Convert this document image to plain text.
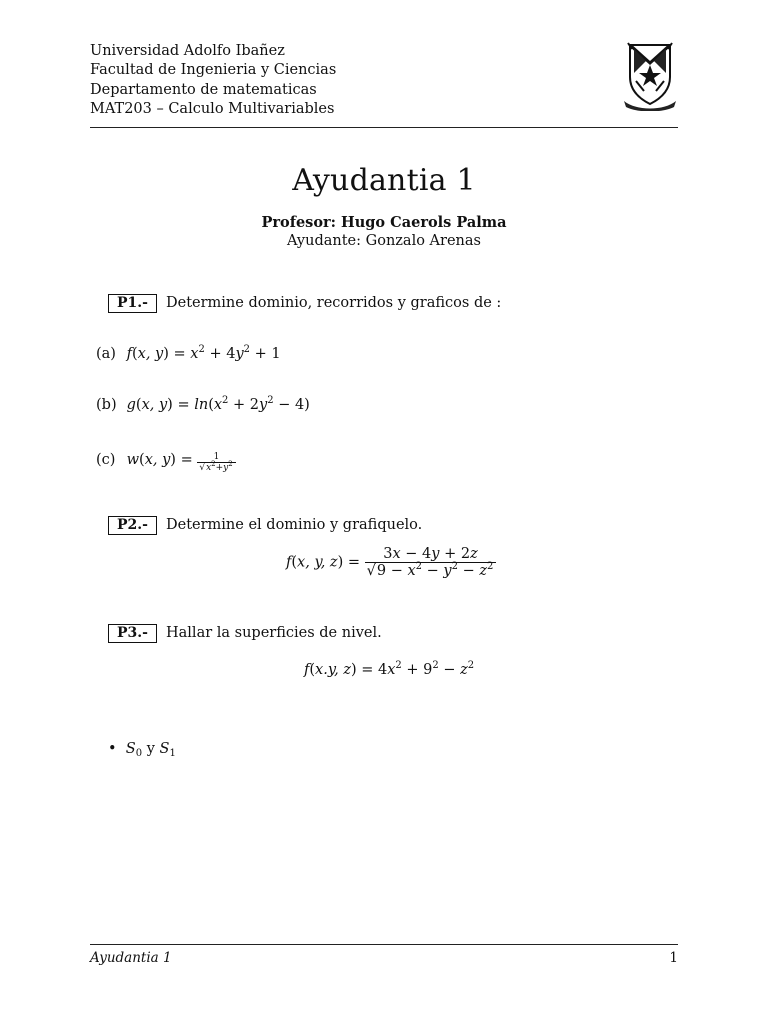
Universidad Adolfo Ibañez
Facultad de Ingenieria y Ciencias
Departamento de matematicas
MAT203 – Calculo Multivariables
Ayudantia 1
Profesor: Hugo Caerols Palma
Ayudante: Gonzalo Arenas
P1.-	Determine dominio, recorridos y graficos de :
(a) f(x, $y) = x^2 + 4y^2 + 1$
(b) g(x, $y) = \ln(x^2 + 2y^2 - 4)$
(c) w(x, $y) = \frac{1}{√x^2+y^2}$
P2.-	Determine el dominio y grafiquelo.
f(x, y, $z) = \frac{3x - 4y + 2z}{√9 - x^2 - y^2 - z^2}$
P3.-	Hallar la superficies de nivel.
f(x.y, $z) = 4x^2 + 9^2 - z^2$
•  $S_0$ y $S_1$
Ayudantia 1	1
